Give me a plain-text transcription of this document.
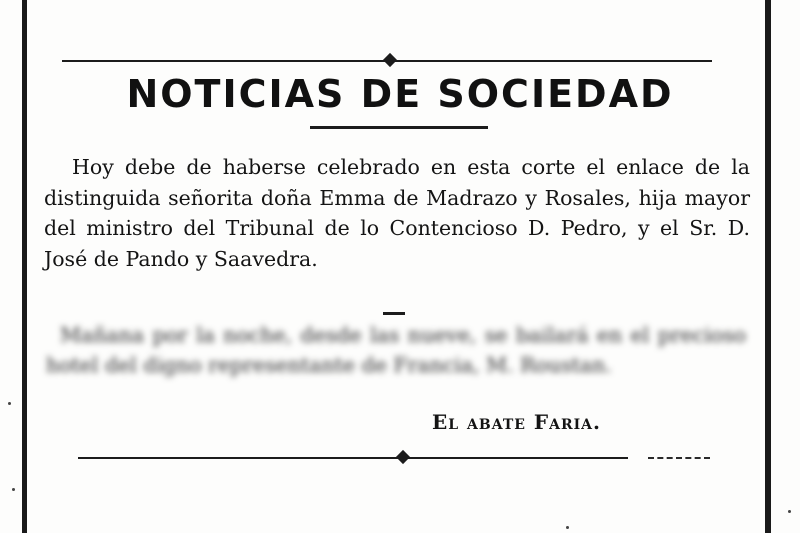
NOTICIAS DE SOCIEDAD

Hoy debe de haberse celebrado en esta corte el enlace de la distinguida señorita doña Emma de Madrazo y Rosales, hija mayor del ministro del Tribunal de lo Contencioso D. Pedro, y el Sr. D. José de Pando y Saavedra.

Mañana por la noche, desde las nueve, se bailará en el precioso hotel del digno representante de Francia, M. Roustan.

El abate Faria.
